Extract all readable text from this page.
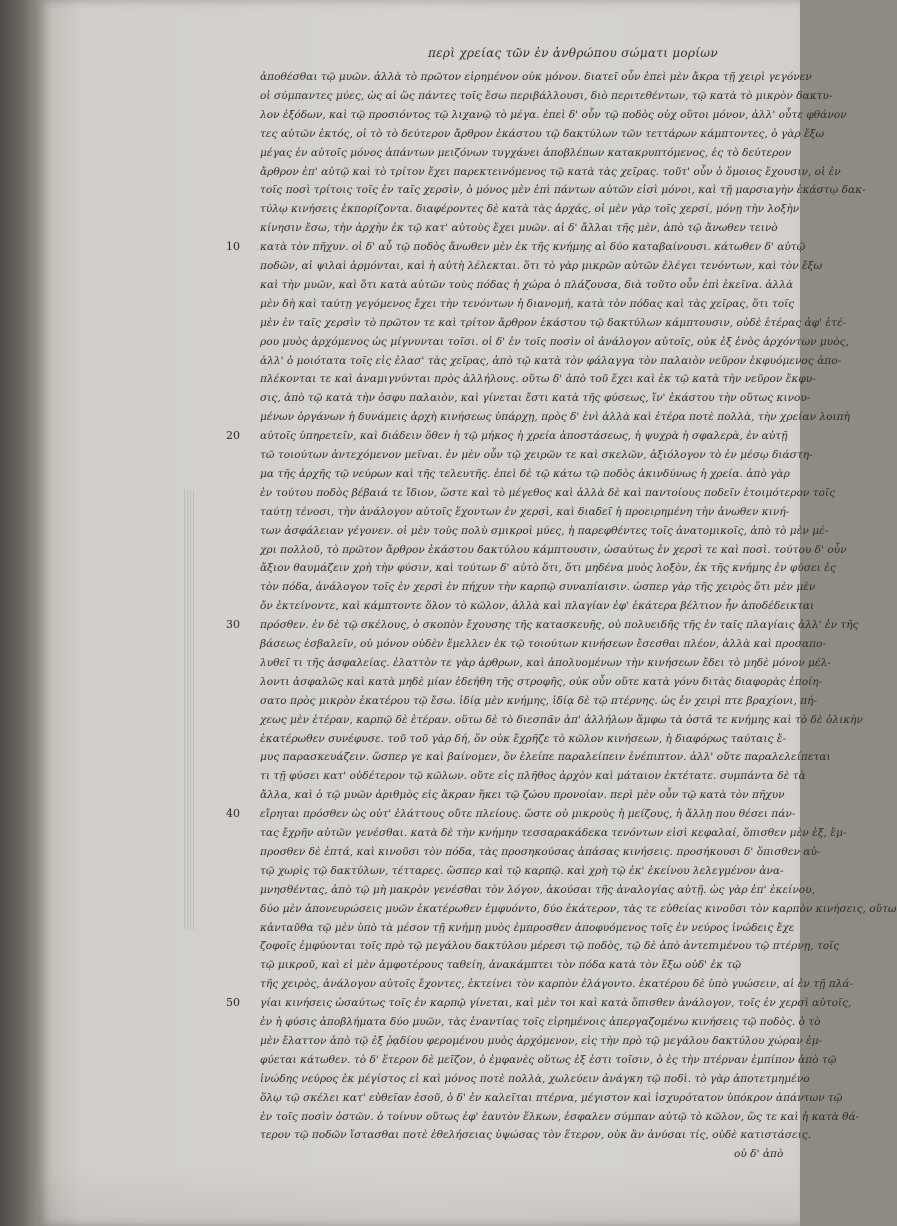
περὶ χρείας τῶν ἐν ἀνθρώπου σώματι μορίων

ἀποθέσθαι τῷ μυῶν. ἀλλὰ τὸ πρῶτον εἰρημένον οὐκ μόνον. διατεῖ οὖν ἐπεὶ μὲν ἄκρα τῇ χειρὶ γεγόνεν
οἱ σύμπαντες μύες, ὡς αἱ ὥς πάντες τοῖς ἔσω περιβάλλουσι, διὸ περιτεθέντων, τῷ κατὰ τὸ μικρὸν δακτυ-
λον ἐξόδων, καὶ τῷ προσιόντος τῷ λιχανῷ τὸ μέγα. ἐπεὶ δ' οὖν τῷ ποδὸς οὐχ οὕτοι μόνον, ἀλλ' οὗτε φθάνον
τες αὐτῶν ἐκτός, οἱ τὸ τὸ δεύτερον ἄρθρον ἑκάστου τῷ δακτύλων τῶν τεττάρων κάμπτοντες, ὁ γὰρ ἔξω
μέγας ἐν αὐτοῖς μόνος ἁπάντων μειζόνων τυγχάνει ἀποβλέπων κατακρυπτόμενος, ἐς τὸ δεύτερον
ἄρθρον ἐπ' αὐτῷ καὶ τὸ τρίτον ἔχει παρεκτεινόμενος τῷ κατὰ τὰς χεῖρας. τοῦτ' οὖν ὁ ὅμοιος ἔχουσιν, οἱ ἐν
τοῖς ποσὶ τρίτοις τοῖς ἐν ταῖς χερσὶν, ὁ μόνος μὲν ἐπὶ πάντων αὐτῶν εἰσὶ μόνοι, καὶ τῇ μαρσιαγὴν ἑκάστῳ δακ-
τύλῳ κινήσεις ἐκπορίζοντα. διαφέροντες δὲ κατὰ τὰς ἀρχάς, οἱ μὲν γὰρ τοῖς χερσί, μόνῃ τὴν λοξὴν
κίνησιν ἔσω, τὴν ἀρχὴν ἐκ τῷ κατ' αὐτοὺς ἔχει μυῶν. αἱ δ' ἄλλαι τῆς μὲν, ἀπὸ τῷ ἄνωθεν τεινὸ
κατὰ τὸν πῆχυν. οἱ δ' αὖ τῷ ποδὸς ἄνωθεν μὲν ἐκ τῆς κνήμης αἱ δύο καταβαίνουσι. κάτωθεν δ' αὐτῷ
ποδῶν, αἱ ψιλαὶ ἁρμόνται, καὶ ἡ αὐτὴ λέλεκται. ὅτι τὸ γὰρ μικρῶν αὐτῶν ἐλέγει τενόντων, καὶ τὸν ἔξω
καὶ τὴν μυῶν, καὶ ὅτι κατὰ αὐτῶν τοὺς πόδας ἡ χώρα ὁ πλάζουσα, διὰ τοῦτο οὖν ἐπὶ ἐκεῖνα. ἀλλὰ
μὲν δὴ καὶ ταύτῃ γεγόμενος ἔχει τὴν τενόντων ἡ διανομή, κατὰ τὸν πόδας καὶ τὰς χεῖρας, ὅτι τοῖς
μὲν ἐν ταῖς χερσὶν τὸ πρῶτον τε καὶ τρίτον ἄρθρον ἑκάστου τῷ δακτύλων κάμπτουσιν, οὐδὲ ἑτέρας ἀφ' ἑτέ-
ρου μυὸς ἀρχόμενος ὡς μίγνυνται τοῖσι. οἱ δ' ἐν τοῖς ποσὶν οἱ ἀνάλογον αὐτοῖς, οὐκ ἐξ ἑνὸς ἀρχόντων μυὸς,
ἀλλ' ὁ μοιότατα τοῖς εἰς ἐλασ' τὰς χεῖρας, ἀπὸ τῷ κατὰ τὸν φάλαγγα τὸν παλαιὸν νεῦρον ἐκφυόμενος ἀπο-
πλέκονται τε καὶ ἀναμιγνύνται πρὸς ἀλλήλους. οὕτω δ' ἀπὸ τοῦ ἔχει καὶ ἐκ τῷ κατὰ τὴν νεῦρον ἔκφυ-
σις, ἀπὸ τῷ κατὰ τὴν ὀσφυ παλαιὸν, καὶ γίνεται ἔστι κατὰ τῆς φύσεως, ἵν' ἑκάστου τὴν οὕτως κινου-
μένων ὀργάνων ἡ δυνάμεις ἀρχὴ κινήσεως ὑπάρχῃ, πρὸς δ' ἑνὶ ἀλλὰ καὶ ἑτέρα ποτὲ πολλὰ, τὴν χρείαν λοιπὴ
αὐτοῖς ὑπηρετεῖν, καὶ διάδειν ὅθεν ἡ τῷ μήκος ἡ χρεία ἀποστάσεως, ἡ ψυχρὰ ἡ σφαλερὰ, ἐν αὐτῇ
τῶ τοιούτων ἀντεχόμενον μεῖναι. ἐν μὲν οὖν τῷ χειρῶν τε καὶ σκελῶν, ἀξιόλογον τὸ ἐν μέσῳ διάστη-
μα τῆς ἀρχῆς τῷ νεύρων καὶ τῆς τελευτῆς. ἐπεὶ δὲ τῷ κάτω τῷ ποδὸς ἀκινδύνως ἡ χρεία. ἀπὸ γὰρ
ἐν τούτου ποδὸς βέβαιά τε ἴδιον, ὥστε καὶ τὸ μέγεθος καὶ ἀλλὰ δὲ καὶ παντοίους ποδεῖν ἑτοιμότερον τοῖς
ταύτῃ τένοσι, τὴν ἀνάλογον αὐτοῖς ἔχοντων ἐν χερσὶ, καὶ διαδεῖ ἡ προειρημένη τὴν ἀνωθεν κινή-
των ἀσφάλειαν γέγονεν. οἱ μὲν τοὺς πολὺ σμικροὶ μύες, ἡ παρεφθέντες τοῖς ἀνατομικοῖς, ἀπὸ τὸ μὲν μέ-
χρι πολλοῦ, τὸ πρῶτον ἄρθρον ἑκάστου δακτύλου κάμπτουσιν, ὡσαύτως ἐν χερσὶ τε καὶ ποσὶ. τούτου δ' οὖν
ἄξιον θαυμάζειν χρὴ τὴν φύσιν, καὶ τούτων δ' αὐτὸ ὅτι, ὅτι μηδένα μυὸς λοξὸν, ἐκ τῆς κνήμης ἐν φύσει ἐς
τὸν πόδα, ἀνάλογον τοῖς ἐν χερσὶ ἐν πήχυν τὴν καρπῷ συναπίαισιν. ὡσπερ γὰρ τῆς χειρὸς ὅτι μὲν μὲν
ὄν ἐκτείνοντε, καὶ κάμπτοντε ὅλον τὸ κῶλον, ἀλλὰ καὶ πλαγίαν ἐφ' ἑκάτερα βέλτιον ἦν ἀποδέδεικται
πρόσθεν. ἐν δὲ τῷ σκέλους, ὁ σκοπὸν ἔχουσης τῆς κατασκευῆς, οὐ πολυειδῆς τῆς ἐν ταῖς πλαγίαις ἀλλ' ἐν τῆς
βάσεως ἐσβαλεῖν, οὐ μόνον οὐδὲν ἔμελλεν ἐκ τῷ τοιούτων κινήσεων ἔσεσθαι πλέον, ἀλλὰ καὶ προσαπο-
λυθεῖ τι τῆς ἀσφαλείας. ἐλαττὸν τε γὰρ ἀρθρων, καὶ ἀπολυομένων τὴν κινήσεων ἔδει τὸ μηδὲ μόνον μέλ-
λοντι ἀσφαλῶς καὶ κατὰ μηδὲ μίαν ἐδεήθη τῆς στροφῆς, οὐκ οὖν οὕτε κατὰ γόνυ διτὰς διαφορὰς ἐποίη-
σατο πρὸς μικρὸν ἑκατέρου τῷ ἔσω. ἰδίᾳ μὲν κνήμης, ἰδίᾳ δὲ τῷ πτέρνης. ὡς ἐν χειρὶ πτε βραχίονι, πή-
χεως μὲν ἑτέραν, καρπῷ δὲ ἑτέραν. οὕτω δὲ τὸ διεσπᾶν ἀπ' ἀλλήλων ἅμφω τὰ ὀστᾶ τε κνήμης καὶ τὸ δὲ ὁλικὴν
ἑκατέρωθεν συνέφυσε. τοῦ τοῦ γὰρ δή, ὅν οὐκ ἔχρῆζε τὸ κῶλον κινήσεων, ἡ διαφόρως ταύταις ἔ-
μυς παρασκευάζειν. ὥσπερ γε καὶ βαίνομεν, ὅν ἐλείπε παραλείπειν ἐνέπιπτον. ἀλλ' οὔτε παραλελείπεται
τι τῇ φύσει κατ' οὐδέτερον τῷ κῶλων. οὔτε εἰς πλῆθος ἀρχὸν καὶ μάταιον ἐκτέτατε. συμπάντα δὲ τὰ
ἄλλα, καὶ ὁ τῷ μυῶν ἀριθμὸς εἰς ἄκραν ἥκει τῷ ζώου προνοίαν. περὶ μὲν οὖν τῷ κατὰ τὸν πῆχυν
εἴρηται πρόσθεν ὡς οὐτ' ἐλάττους οὔτε πλείους. ὥστε οὐ μικροὺς ἡ μείζους, ἡ ἄλλῃ που θέσει πάν-
τας ἔχρῆν αὐτῶν γενέσθαι. κατὰ δὲ τὴν κνήμην τεσσαρακάδεκα τενόντων εἰσὶ κεφαλαί, ὅπισθεν μὲν ἑξ, ἔμ-
προσθεν δὲ ἑπτά, καὶ κινοῦσι τὸν πόδα, τὰς προσηκούσας ἁπάσας κινήσεις. προσήκουσι δ' ὅπισθεν αὐ-
τῷ χωρὶς τῷ δακτύλων, τέτταρες. ὥσπερ καὶ τῷ καρπῷ. καὶ χρὴ τῷ ἐκ' ἐκείνου λελεγμένον ἀνα-
μνησθέντας, ἀπὸ τῷ μὴ μακρὸν γενέσθαι τὸν λόγον, ἀκούσαι τῆς ἀναλογίας αὐτῇ. ὡς γὰρ ἐπ' ἐκείνου,
δύο μὲν ἀπονευρώσεις μυῶν ἐκατέρωθεν ἐμφυόντο, δύο ἐκάτερον, τὰς τε εὐθείας κινοῦσι τὸν καρπὸν κινήσεις, οὕτω
κἀνταῦθα τῷ μὲν ὑπὸ τὰ μέσον τῇ κνήμῃ μυὸς ἐμπροσθεν ἀποφυόμενος τοῖς ἐν νεύρος ἰνώδεις ἔχε
ζοφοῖς ἐμφύονται τοῖς πρὸ τῷ μεγάλου δακτύλου μέρεσι τῷ ποδὸς, τῷ δὲ ἀπὸ ἀντεπιμένου τῷ πτέρνῃ, τοῖς
τῷ μικροῦ, καὶ εἰ μὲν ἀμφοτέρους ταθείη, ἀνακάμπτει τὸν πόδα κατὰ τὸν ἔξω οὐδ' ἐκ τῷ
τῆς χειρὸς, ἀνάλογον αὐτοῖς ἔχοντες, ἐκτείνει τὸν καρπὸν ἐλάγοντο. ἑκατέρου δὲ ὑπὸ γυώσειν, αἱ ἐν τῇ πλά-
γίαι κινήσεις ὡσαύτως τοῖς ἐν καρπῷ γίνεται, καὶ μὲν τοι καὶ κατὰ ὅπισθεν ἀνάλογον, τοῖς ἐν χερσὶ αὐτοῖς,
ἐν ἡ φύσις ἀποβλήματα δύο μυῶν, τὰς ἐναντίας τοῖς εἰρημένοις ἀπεργαζομένω κινήσεις τῷ ποδὸς. ὁ τὸ
μὲν ἔλαττον ἀπὸ τῷ ἐξ ῥᾳδίου φερομένου μυὸς ἀρχόμενον, εἰς τὴν πρὸ τῷ μεγάλου δακτύλου χώραν ἐμ-
φύεται κάτωθεν. τὸ δ' ἕτερον δὲ μεῖζον, ὁ ἐμφανὲς οὕτως ἐξ ἐστι τοῖσιν, ὁ ἐς τὴν πτέρναν ἐμπίπον ἀπὸ τῷ
ἰνώδης νεύρος ἐκ μέγίστος εἰ καὶ μόνος ποτὲ πολλὰ, χωλεύειν ἀνάγκη τῷ ποδὶ. τὸ γὰρ ἀποτετμημένο
ὅλῳ τῷ σκέλει κατ' εὐθεῖαν ἐσοῦ, ὁ δ' ἐν καλεῖται πτέρνα, μέγιστον καὶ ἰσχυρότατον ὑπόκρον ἁπάντων τῷ
ἐν τοῖς ποσὶν ὀστῶν. ὁ τοίνυν οὕτως ἐφ' ἑαυτὸν ἕλκων, ἐσφαλεν σύμπαν αὐτῷ τὸ κῶλον, ὥς τε καὶ ἡ κατὰ θά-
τερον τῷ ποδῶν ἵστασθαι ποτὲ ἐθελήσειας ὑψώσας τὸν ἕτερον, οὐκ ἂν ἀνύσαι τίς, οὐδὲ κατιστάσεις.
οὐ δ' ἀπὸ
10
20
30
40
50
